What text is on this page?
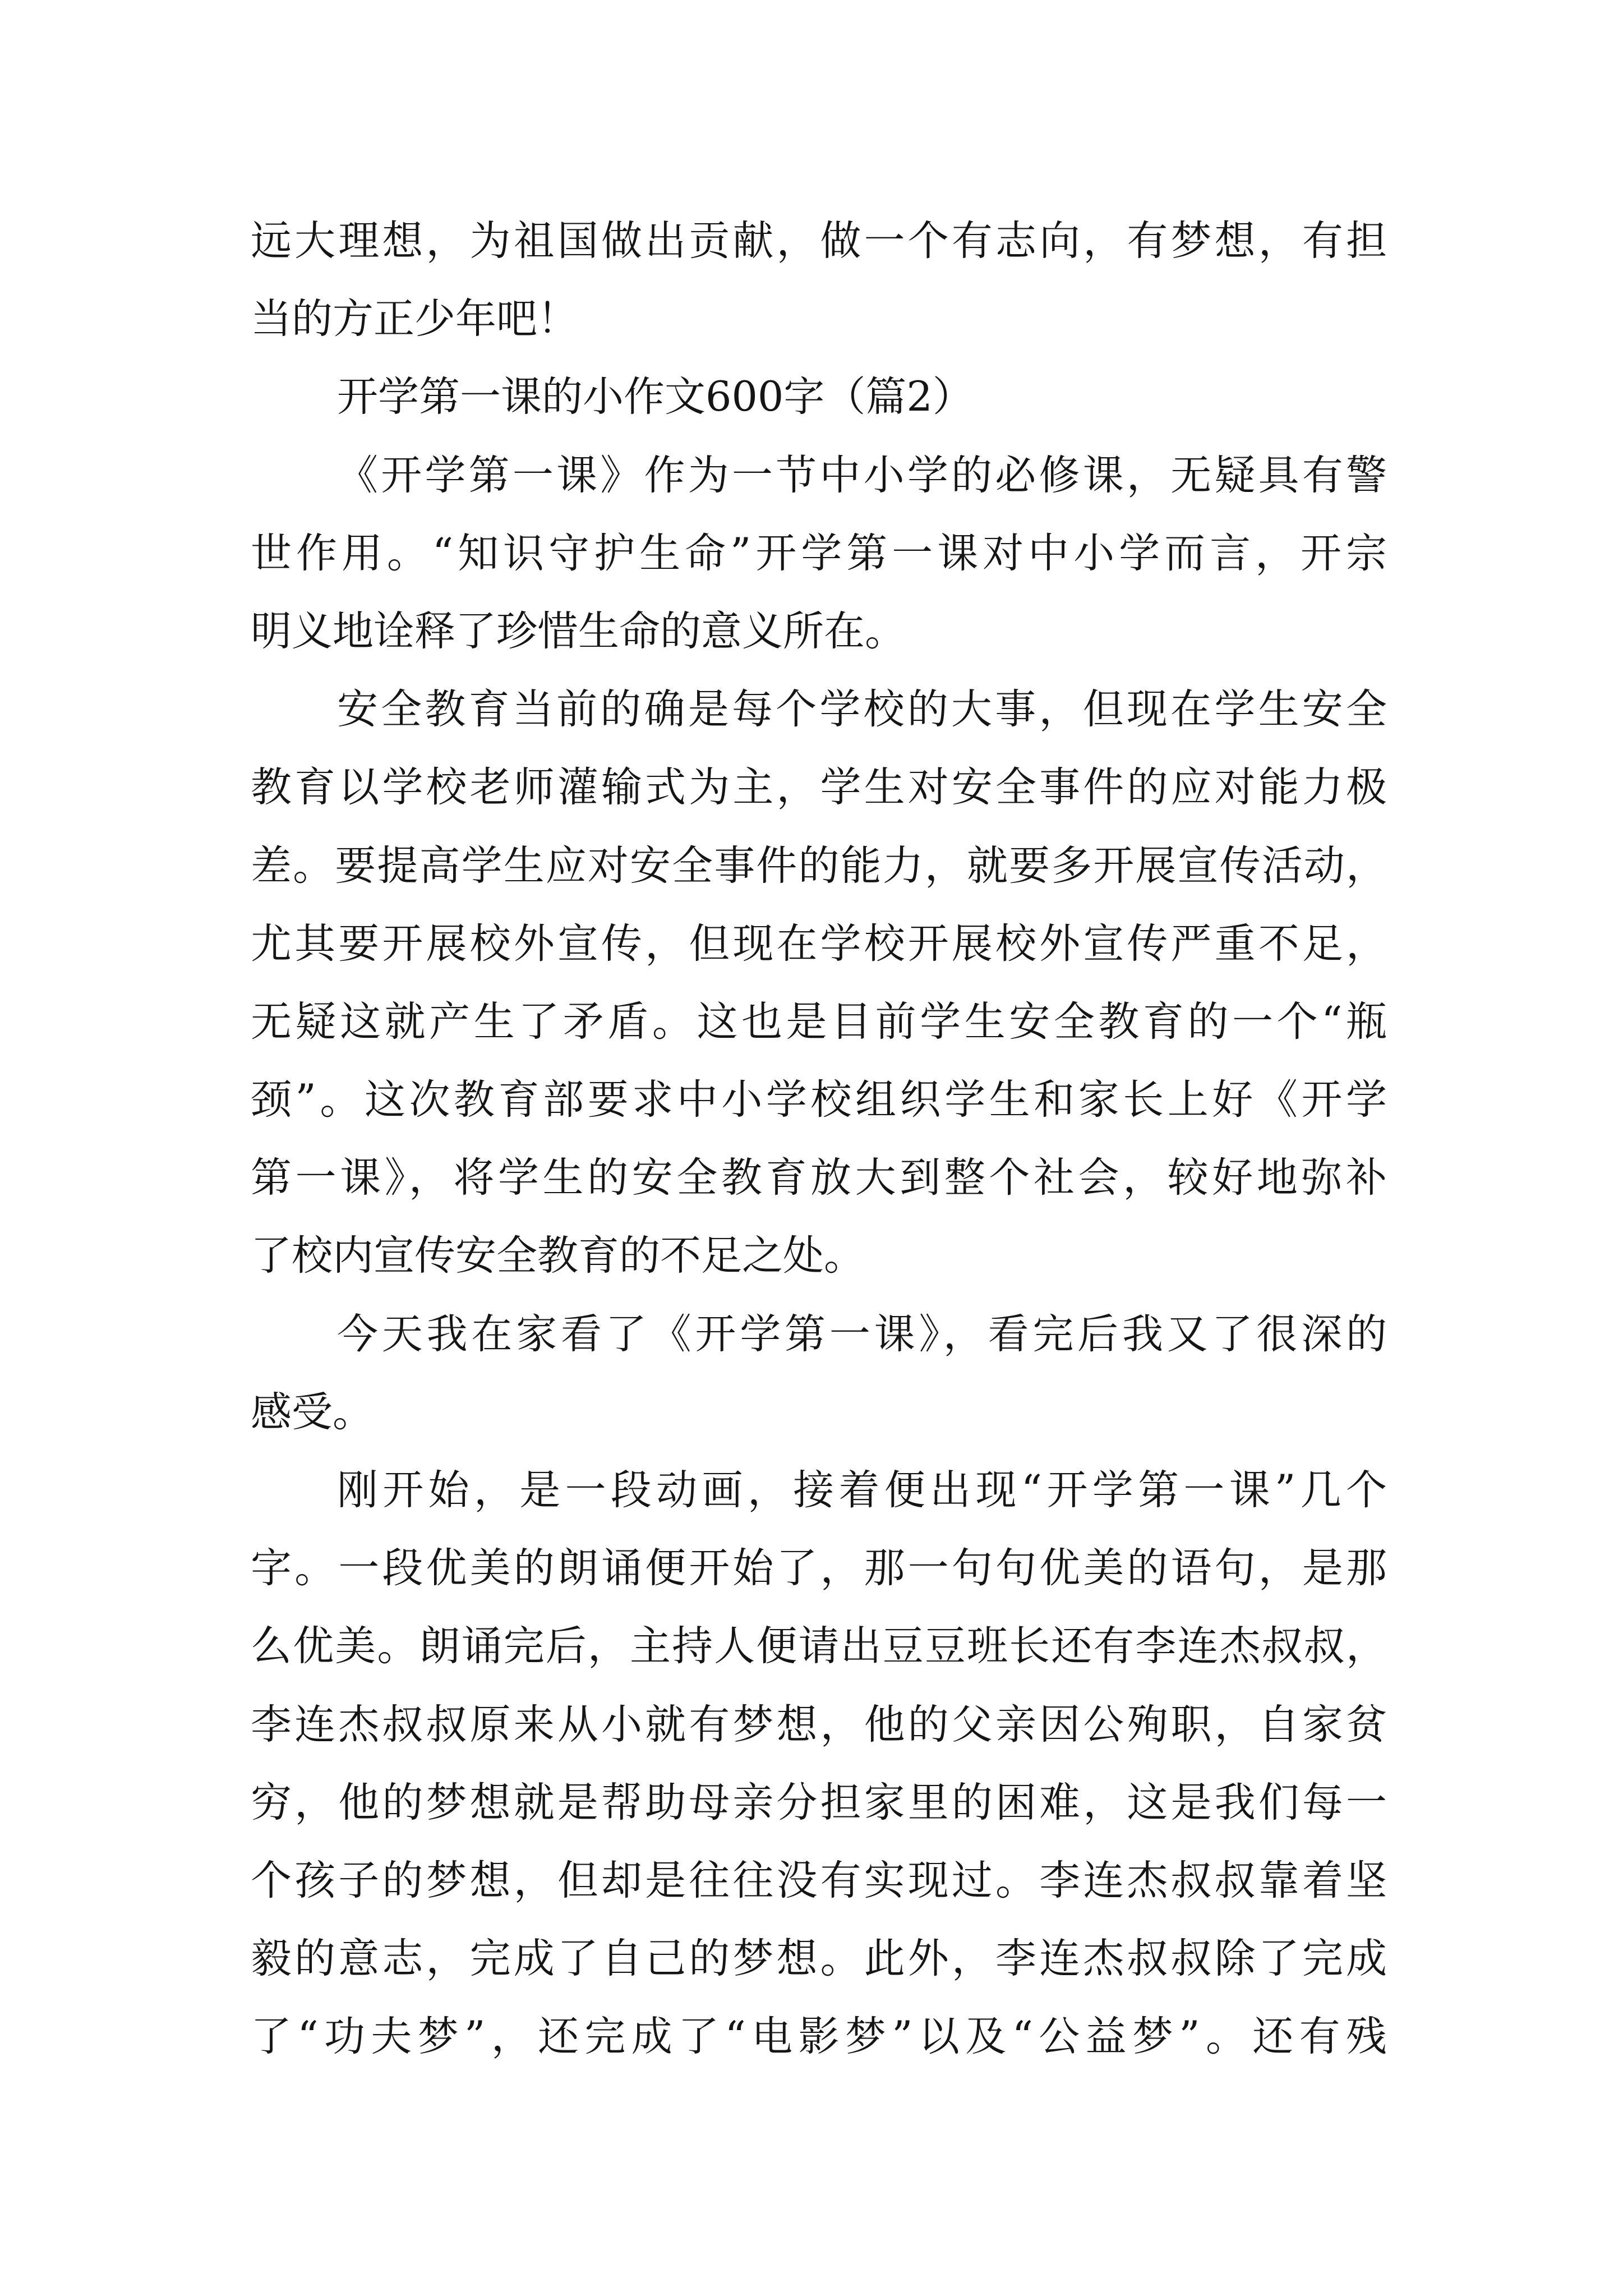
远大理想，为祖国做出贡献，做一个有志向，有梦想，有担
当的方正少年吧！
开学第一课的小作文600字（篇2）
《开学第一课》作为一节中小学的必修课，无疑具有警
世作用。“知识守护生命”开学第一课对中小学而言，开宗
明义地诠释了珍惜生命的意义所在。
安全教育当前的确是每个学校的大事，但现在学生安全
教育以学校老师灌输式为主，学生对安全事件的应对能力极
差。要提高学生应对安全事件的能力，就要多开展宣传活动，
尤其要开展校外宣传，但现在学校开展校外宣传严重不足，
无疑这就产生了矛盾。这也是目前学生安全教育的一个“瓶
颈”。这次教育部要求中小学校组织学生和家长上好《开学
第一课》，将学生的安全教育放大到整个社会，较好地弥补
了校内宣传安全教育的不足之处。
今天我在家看了《开学第一课》，看完后我又了很深的
感受。
刚开始，是一段动画，接着便出现“开学第一课”几个
字。一段优美的朗诵便开始了，那一句句优美的语句，是那
么优美。朗诵完后，主持人便请出豆豆班长还有李连杰叔叔，
李连杰叔叔原来从小就有梦想，他的父亲因公殉职，自家贫
穷，他的梦想就是帮助母亲分担家里的困难，这是我们每一
个孩子的梦想，但却是往往没有实现过。李连杰叔叔靠着坚
毅的意志，完成了自己的梦想。此外，李连杰叔叔除了完成
了“功夫梦”，还完成了“电影梦”以及“公益梦”。还有残
